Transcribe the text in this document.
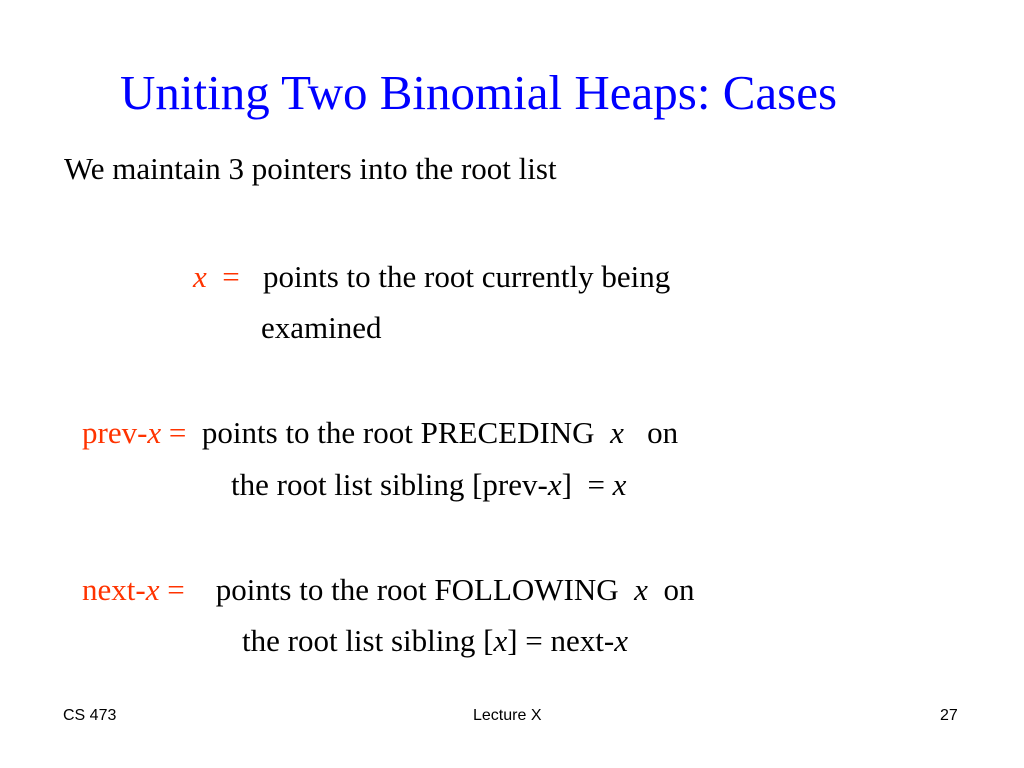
Uniting Two Binomial Heaps: Cases
We maintain 3 pointers into the root list
x = points to the root currently being
examined
prev-x = points to the root PRECEDING x on
the root list sibling [prev-x] = x
next-x = points to the root FOLLOWING x on
the root list sibling [x] = next-x
CS 473	Lecture X	27
